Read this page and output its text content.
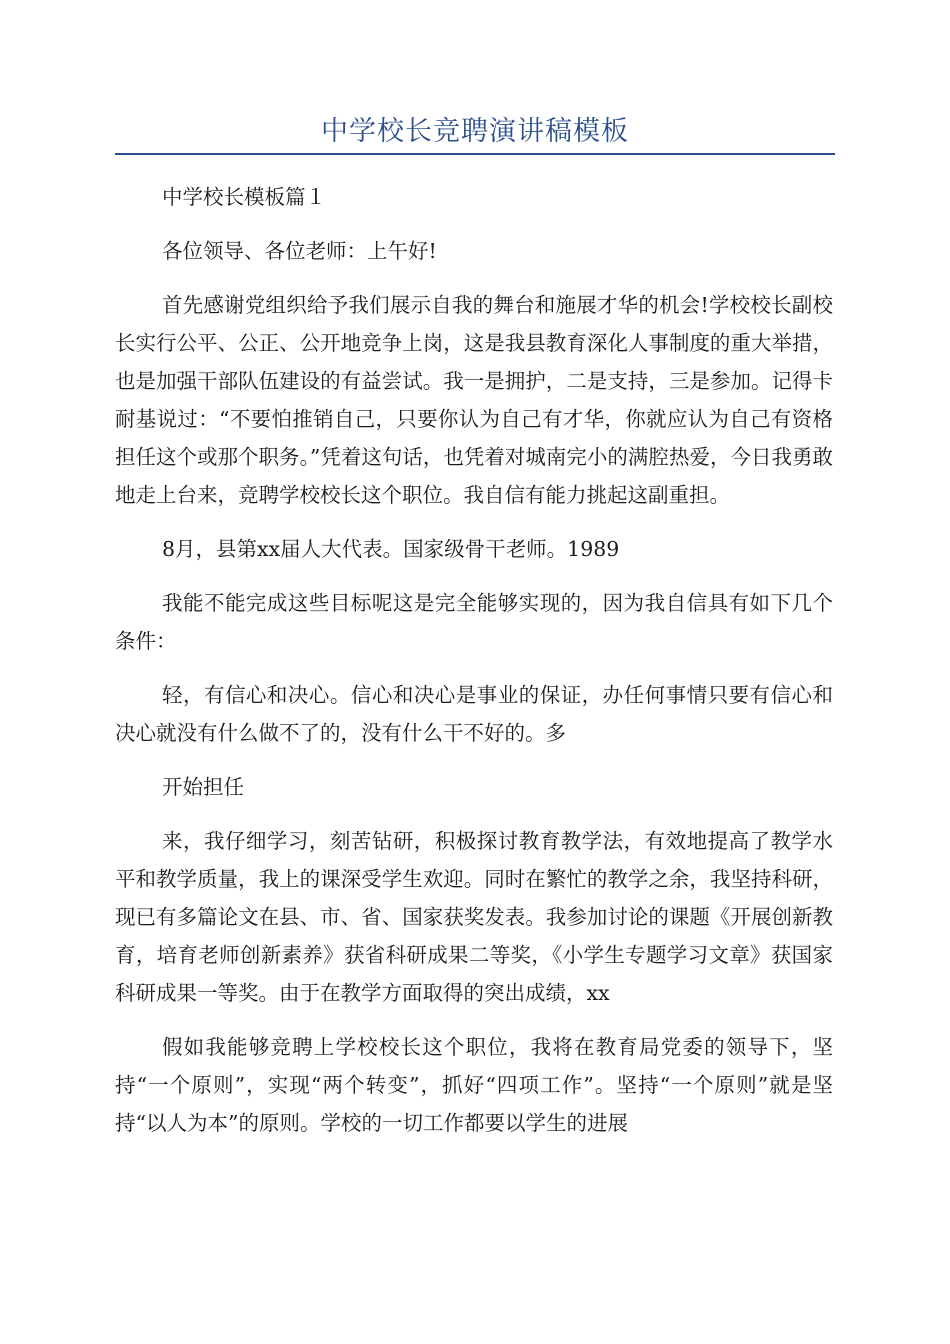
中学校长竞聘演讲稿模板

中学校长模板篇１

各位领导、各位老师：上午好!

首先感谢党组织给予我们展示自我的舞台和施展才华的机会!学校校长副校长实行公平、公正、公开地竞争上岗，这是我县教育深化人事制度的重大举措，也是加强干部队伍建设的有益尝试。我一是拥护，二是支持，三是参加。记得卡耐基说过：“不要怕推销自己，只要你认为自己有才华，你就应认为自己有资格担任这个或那个职务。”凭着这句话，也凭着对城南完小的满腔热爱，今日我勇敢地走上台来，竞聘学校校长这个职位。我自信有能力挑起这副重担。

8月，县第xx届人大代表。国家级骨干老师。1989

我能不能完成这些目标呢这是完全能够实现的，因为我自信具有如下几个条件：

轻，有信心和决心。信心和决心是事业的保证，办任何事情只要有信心和决心就没有什么做不了的，没有什么干不好的。多

开始担任

来，我仔细学习，刻苦钻研，积极探讨教育教学法，有效地提高了教学水平和教学质量，我上的课深受学生欢迎。同时在繁忙的教学之余，我坚持科研，现已有多篇论文在县、市、省、国家获奖发表。我参加讨论的课题《开展创新教育，培育老师创新素养》获省科研成果二等奖，《小学生专题学习文章》获国家科研成果一等奖。由于在教学方面取得的突出成绩，xx

假如我能够竞聘上学校校长这个职位，我将在教育局党委的领导下，坚持“一个原则”，实现“两个转变”，抓好“四项工作”。坚持“一个原则”就是坚持“以人为本”的原则。学校的一切工作都要以学生的进展
